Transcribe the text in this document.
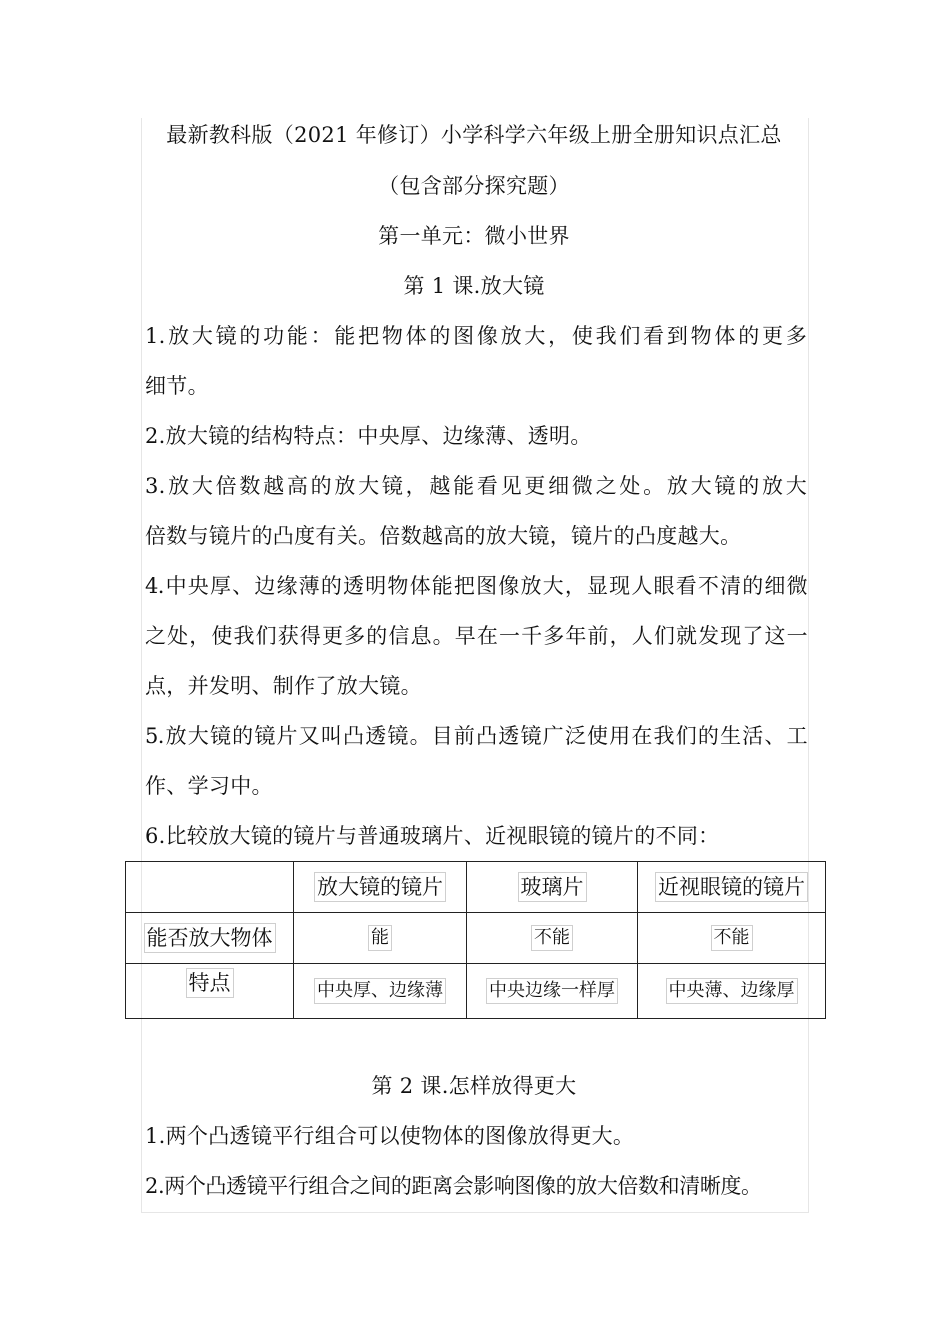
最新教科版（2021 年修订）小学科学六年级上册全册知识点汇总
（包含部分探究题）
第一单元：微小世界
第 1 课.放大镜
1.放大镜的功能：能把物体的图像放大，使我们看到物体的更多
细节。
2.放大镜的结构特点：中央厚、边缘薄、透明。
3.放大倍数越高的放大镜，越能看见更细微之处。放大镜的放大
倍数与镜片的凸度有关。倍数越高的放大镜，镜片的凸度越大。
4.中央厚、边缘薄的透明物体能把图像放大，显现人眼看不清的细微
之处，使我们获得更多的信息。早在一千多年前，人们就发现了这一
点，并发明、制作了放大镜。
5.放大镜的镜片又叫凸透镜。目前凸透镜广泛使用在我们的生活、工
作、学习中。
6.比较放大镜的镜片与普通玻璃片、近视眼镜的镜片的不同：
	放大镜的镜片	玻璃片	近视眼镜的镜片
能否放大物体	能	不能	不能
特点	中央厚、边缘薄	中央边缘一样厚	中央薄、边缘厚
第 2 课.怎样放得更大
1.两个凸透镜平行组合可以使物体的图像放得更大。
2.两个凸透镜平行组合之间的距离会影响图像的放大倍数和清晰度。
